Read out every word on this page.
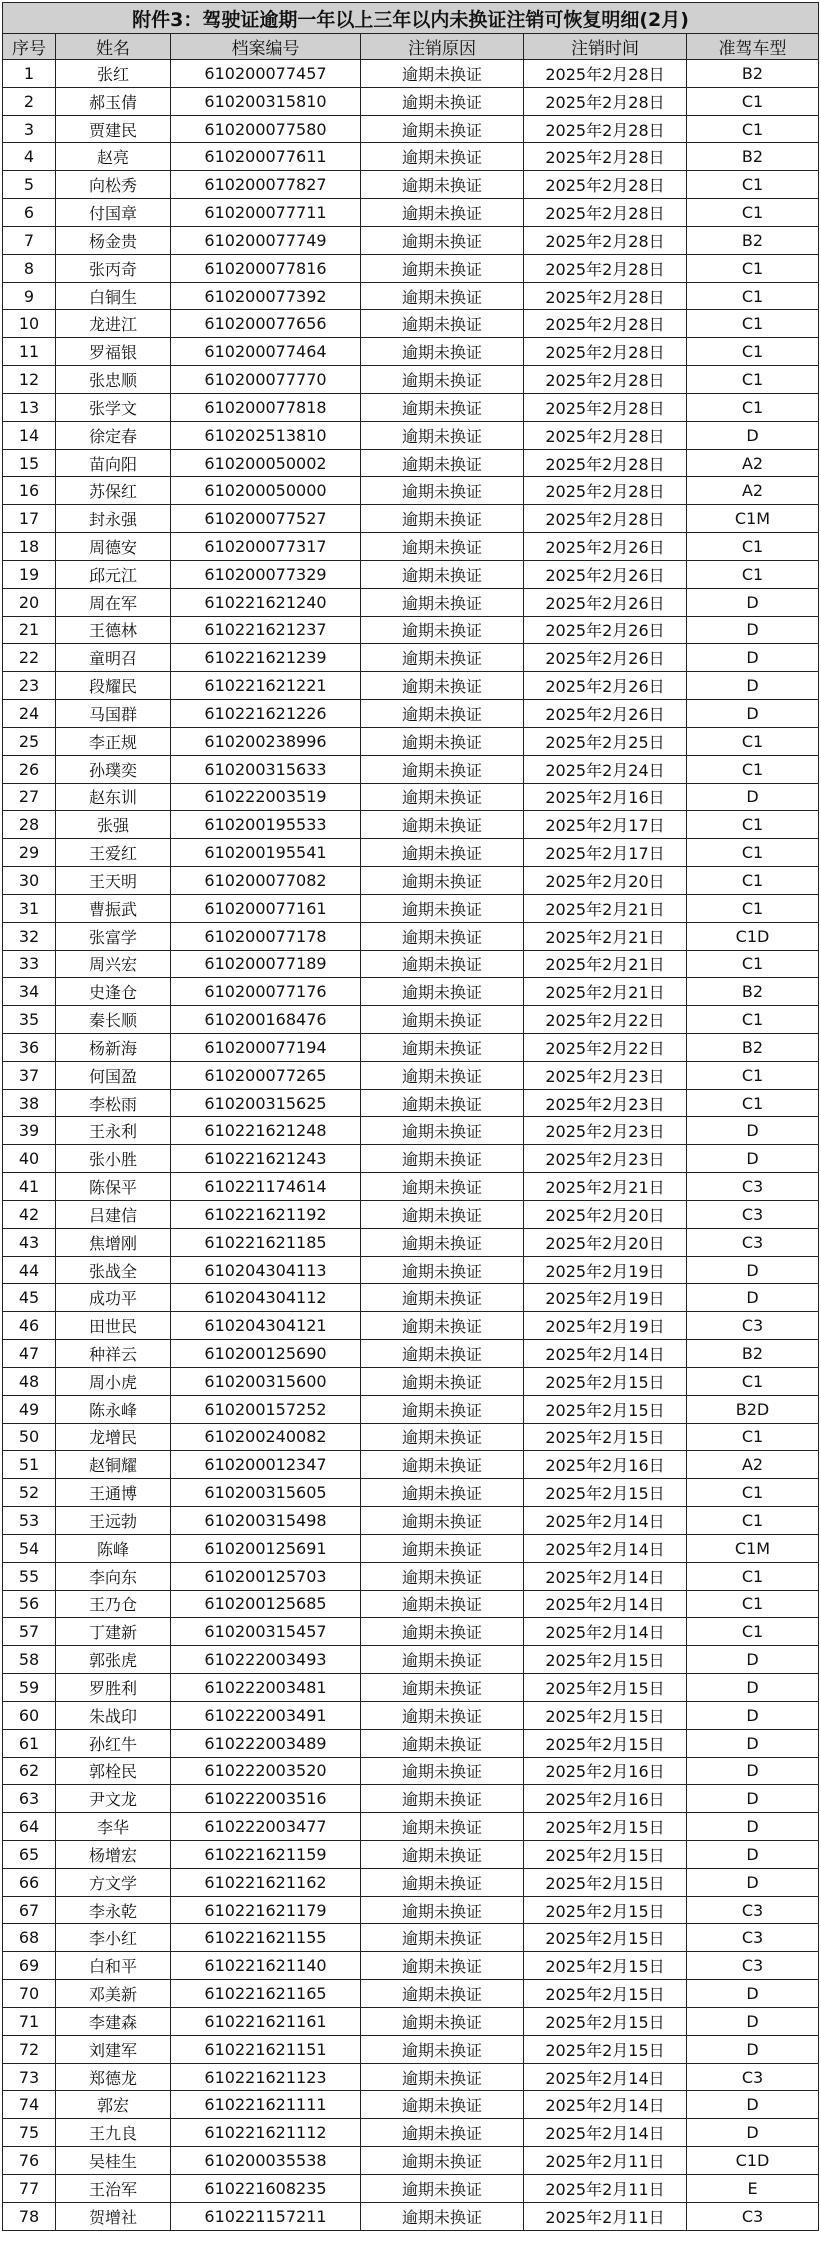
附件3：驾驶证逾期一年以上三年以内未换证注销可恢复明细(2月)					
序号	姓名	档案编号	注销原因	注销时间	准驾车型
1	张红	610200077457	逾期未换证	2025年2月28日	B2
2	郝玉倩	610200315810	逾期未换证	2025年2月28日	C1
3	贾建民	610200077580	逾期未换证	2025年2月28日	C1
4	赵亮	610200077611	逾期未换证	2025年2月28日	B2
5	向松秀	610200077827	逾期未换证	2025年2月28日	C1
6	付国章	610200077711	逾期未换证	2025年2月28日	C1
7	杨金贵	610200077749	逾期未换证	2025年2月28日	B2
8	张丙奇	610200077816	逾期未换证	2025年2月28日	C1
9	白铜生	610200077392	逾期未换证	2025年2月28日	C1
10	龙进江	610200077656	逾期未换证	2025年2月28日	C1
11	罗福银	610200077464	逾期未换证	2025年2月28日	C1
12	张忠顺	610200077770	逾期未换证	2025年2月28日	C1
13	张学文	610200077818	逾期未换证	2025年2月28日	C1
14	徐定春	610202513810	逾期未换证	2025年2月28日	D
15	苗向阳	610200050002	逾期未换证	2025年2月28日	A2
16	苏保红	610200050000	逾期未换证	2025年2月28日	A2
17	封永强	610200077527	逾期未换证	2025年2月28日	C1M
18	周德安	610200077317	逾期未换证	2025年2月26日	C1
19	邱元江	610200077329	逾期未换证	2025年2月26日	C1
20	周在军	610221621240	逾期未换证	2025年2月26日	D
21	王德林	610221621237	逾期未换证	2025年2月26日	D
22	童明召	610221621239	逾期未换证	2025年2月26日	D
23	段耀民	610221621221	逾期未换证	2025年2月26日	D
24	马国群	610221621226	逾期未换证	2025年2月26日	D
25	李正规	610200238996	逾期未换证	2025年2月25日	C1
26	孙璞奕	610200315633	逾期未换证	2025年2月24日	C1
27	赵东训	610222003519	逾期未换证	2025年2月16日	D
28	张强	610200195533	逾期未换证	2025年2月17日	C1
29	王爱红	610200195541	逾期未换证	2025年2月17日	C1
30	王天明	610200077082	逾期未换证	2025年2月20日	C1
31	曹振武	610200077161	逾期未换证	2025年2月21日	C1
32	张富学	610200077178	逾期未换证	2025年2月21日	C1D
33	周兴宏	610200077189	逾期未换证	2025年2月21日	C1
34	史逢仓	610200077176	逾期未换证	2025年2月21日	B2
35	秦长顺	610200168476	逾期未换证	2025年2月22日	C1
36	杨新海	610200077194	逾期未换证	2025年2月22日	B2
37	何国盈	610200077265	逾期未换证	2025年2月23日	C1
38	李松雨	610200315625	逾期未换证	2025年2月23日	C1
39	王永利	610221621248	逾期未换证	2025年2月23日	D
40	张小胜	610221621243	逾期未换证	2025年2月23日	D
41	陈保平	610221174614	逾期未换证	2025年2月21日	C3
42	吕建信	610221621192	逾期未换证	2025年2月20日	C3
43	焦增刚	610221621185	逾期未换证	2025年2月20日	C3
44	张战全	610204304113	逾期未换证	2025年2月19日	D
45	成功平	610204304112	逾期未换证	2025年2月19日	D
46	田世民	610204304121	逾期未换证	2025年2月19日	C3
47	种祥云	610200125690	逾期未换证	2025年2月14日	B2
48	周小虎	610200315600	逾期未换证	2025年2月15日	C1
49	陈永峰	610200157252	逾期未换证	2025年2月15日	B2D
50	龙增民	610200240082	逾期未换证	2025年2月15日	C1
51	赵铜耀	610200012347	逾期未换证	2025年2月16日	A2
52	王通博	610200315605	逾期未换证	2025年2月15日	C1
53	王远勃	610200315498	逾期未换证	2025年2月14日	C1
54	陈峰	610200125691	逾期未换证	2025年2月14日	C1M
55	李向东	610200125703	逾期未换证	2025年2月14日	C1
56	王乃仓	610200125685	逾期未换证	2025年2月14日	C1
57	丁建新	610200315457	逾期未换证	2025年2月14日	C1
58	郭张虎	610222003493	逾期未换证	2025年2月15日	D
59	罗胜利	610222003481	逾期未换证	2025年2月15日	D
60	朱战印	610222003491	逾期未换证	2025年2月15日	D
61	孙红牛	610222003489	逾期未换证	2025年2月15日	D
62	郭栓民	610222003520	逾期未换证	2025年2月16日	D
63	尹文龙	610222003516	逾期未换证	2025年2月16日	D
64	李华	610222003477	逾期未换证	2025年2月15日	D
65	杨增宏	610221621159	逾期未换证	2025年2月15日	D
66	方文学	610221621162	逾期未换证	2025年2月15日	D
67	李永乾	610221621179	逾期未换证	2025年2月15日	C3
68	李小红	610221621155	逾期未换证	2025年2月15日	C3
69	白和平	610221621140	逾期未换证	2025年2月15日	C3
70	邓美新	610221621165	逾期未换证	2025年2月15日	D
71	李建森	610221621161	逾期未换证	2025年2月15日	D
72	刘建军	610221621151	逾期未换证	2025年2月15日	D
73	郑德龙	610221621123	逾期未换证	2025年2月14日	C3
74	郭宏	610221621111	逾期未换证	2025年2月14日	D
75	王九良	610221621112	逾期未换证	2025年2月14日	D
76	吴桂生	610200035538	逾期未换证	2025年2月11日	C1D
77	王治军	610221608235	逾期未换证	2025年2月11日	E
78	贺增社	610221157211	逾期未换证	2025年2月11日	C3
